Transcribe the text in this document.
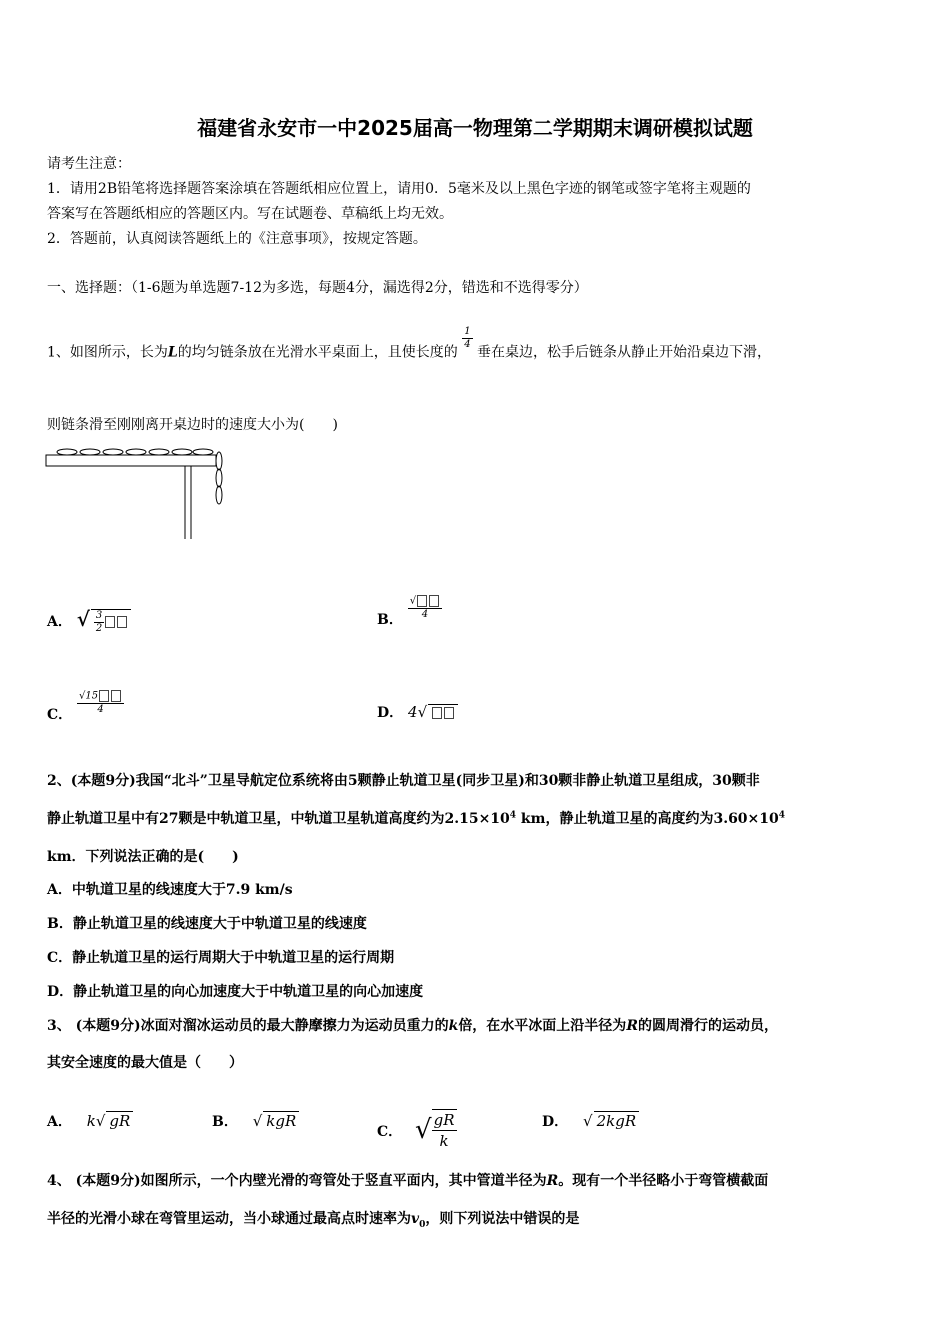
福建省永安市一中2025届高一物理第二学期期末调研模拟试题
请考生注意：
1．请用2B铅笔将选择题答案涂填在答题纸相应位置上，请用0．5毫米及以上黑色字迹的钢笔或签字笔将主观题的
答案写在答题纸相应的答题区内。写在试题卷、草稿纸上均无效。
2．答题前，认真阅读答题纸上的《注意事项》，按规定答题。
一、选择题：（1-6题为单选题7-12为多选，每题4分，漏选得2分，错选和不选得零分）
1、如图所示，长为L的均匀链条放在光滑水平桌面上，且使长度的
$\frac{1}{4}$
垂在桌边，松手后链条从静止开始沿桌边下滑，
则链条滑至刚刚离开桌边时的速度大小为(　　)
A． √ $\frac{3}{2}$	B． $\frac{√}{4}$
C． $\frac{√15}{4}$	D． 4√
2、(本题9分)我国“北斗”卫星导航定位系统将由5颗静止轨道卫星(同步卫星)和30颗非静止轨道卫星组成，30颗非
静止轨道卫星中有27颗是中轨道卫星，中轨道卫星轨道高度约为$2.15\times 10^4$ km，静止轨道卫星的高度约为$3.60\times 10^4$
km．下列说法正确的是(　　)
A．中轨道卫星的线速度大于7.9 km/s
B．静止轨道卫星的线速度大于中轨道卫星的线速度
C．静止轨道卫星的运行周期大于中轨道卫星的运行周期
D．静止轨道卫星的向心加速度大于中轨道卫星的向心加速度
3、 (本题9分)冰面对溜冰运动员的最大静摩擦力为运动员重力的k倍，在水平冰面上沿半径为R的圆周滑行的运动员，
其安全速度的最大值是（　　）
A． k√ gR	B． √ kgR
C． √ $\frac{gR}{k}$	D． √ 2kgR
4、 (本题9分)如图所示，一个内壁光滑的弯管处于竖直平面内，其中管道半径为R。现有一个半径略小于弯管横截面
半径的光滑小球在弯管里运动，当小球通过最高点时速率为$v_0$，则下列说法中错误的是
